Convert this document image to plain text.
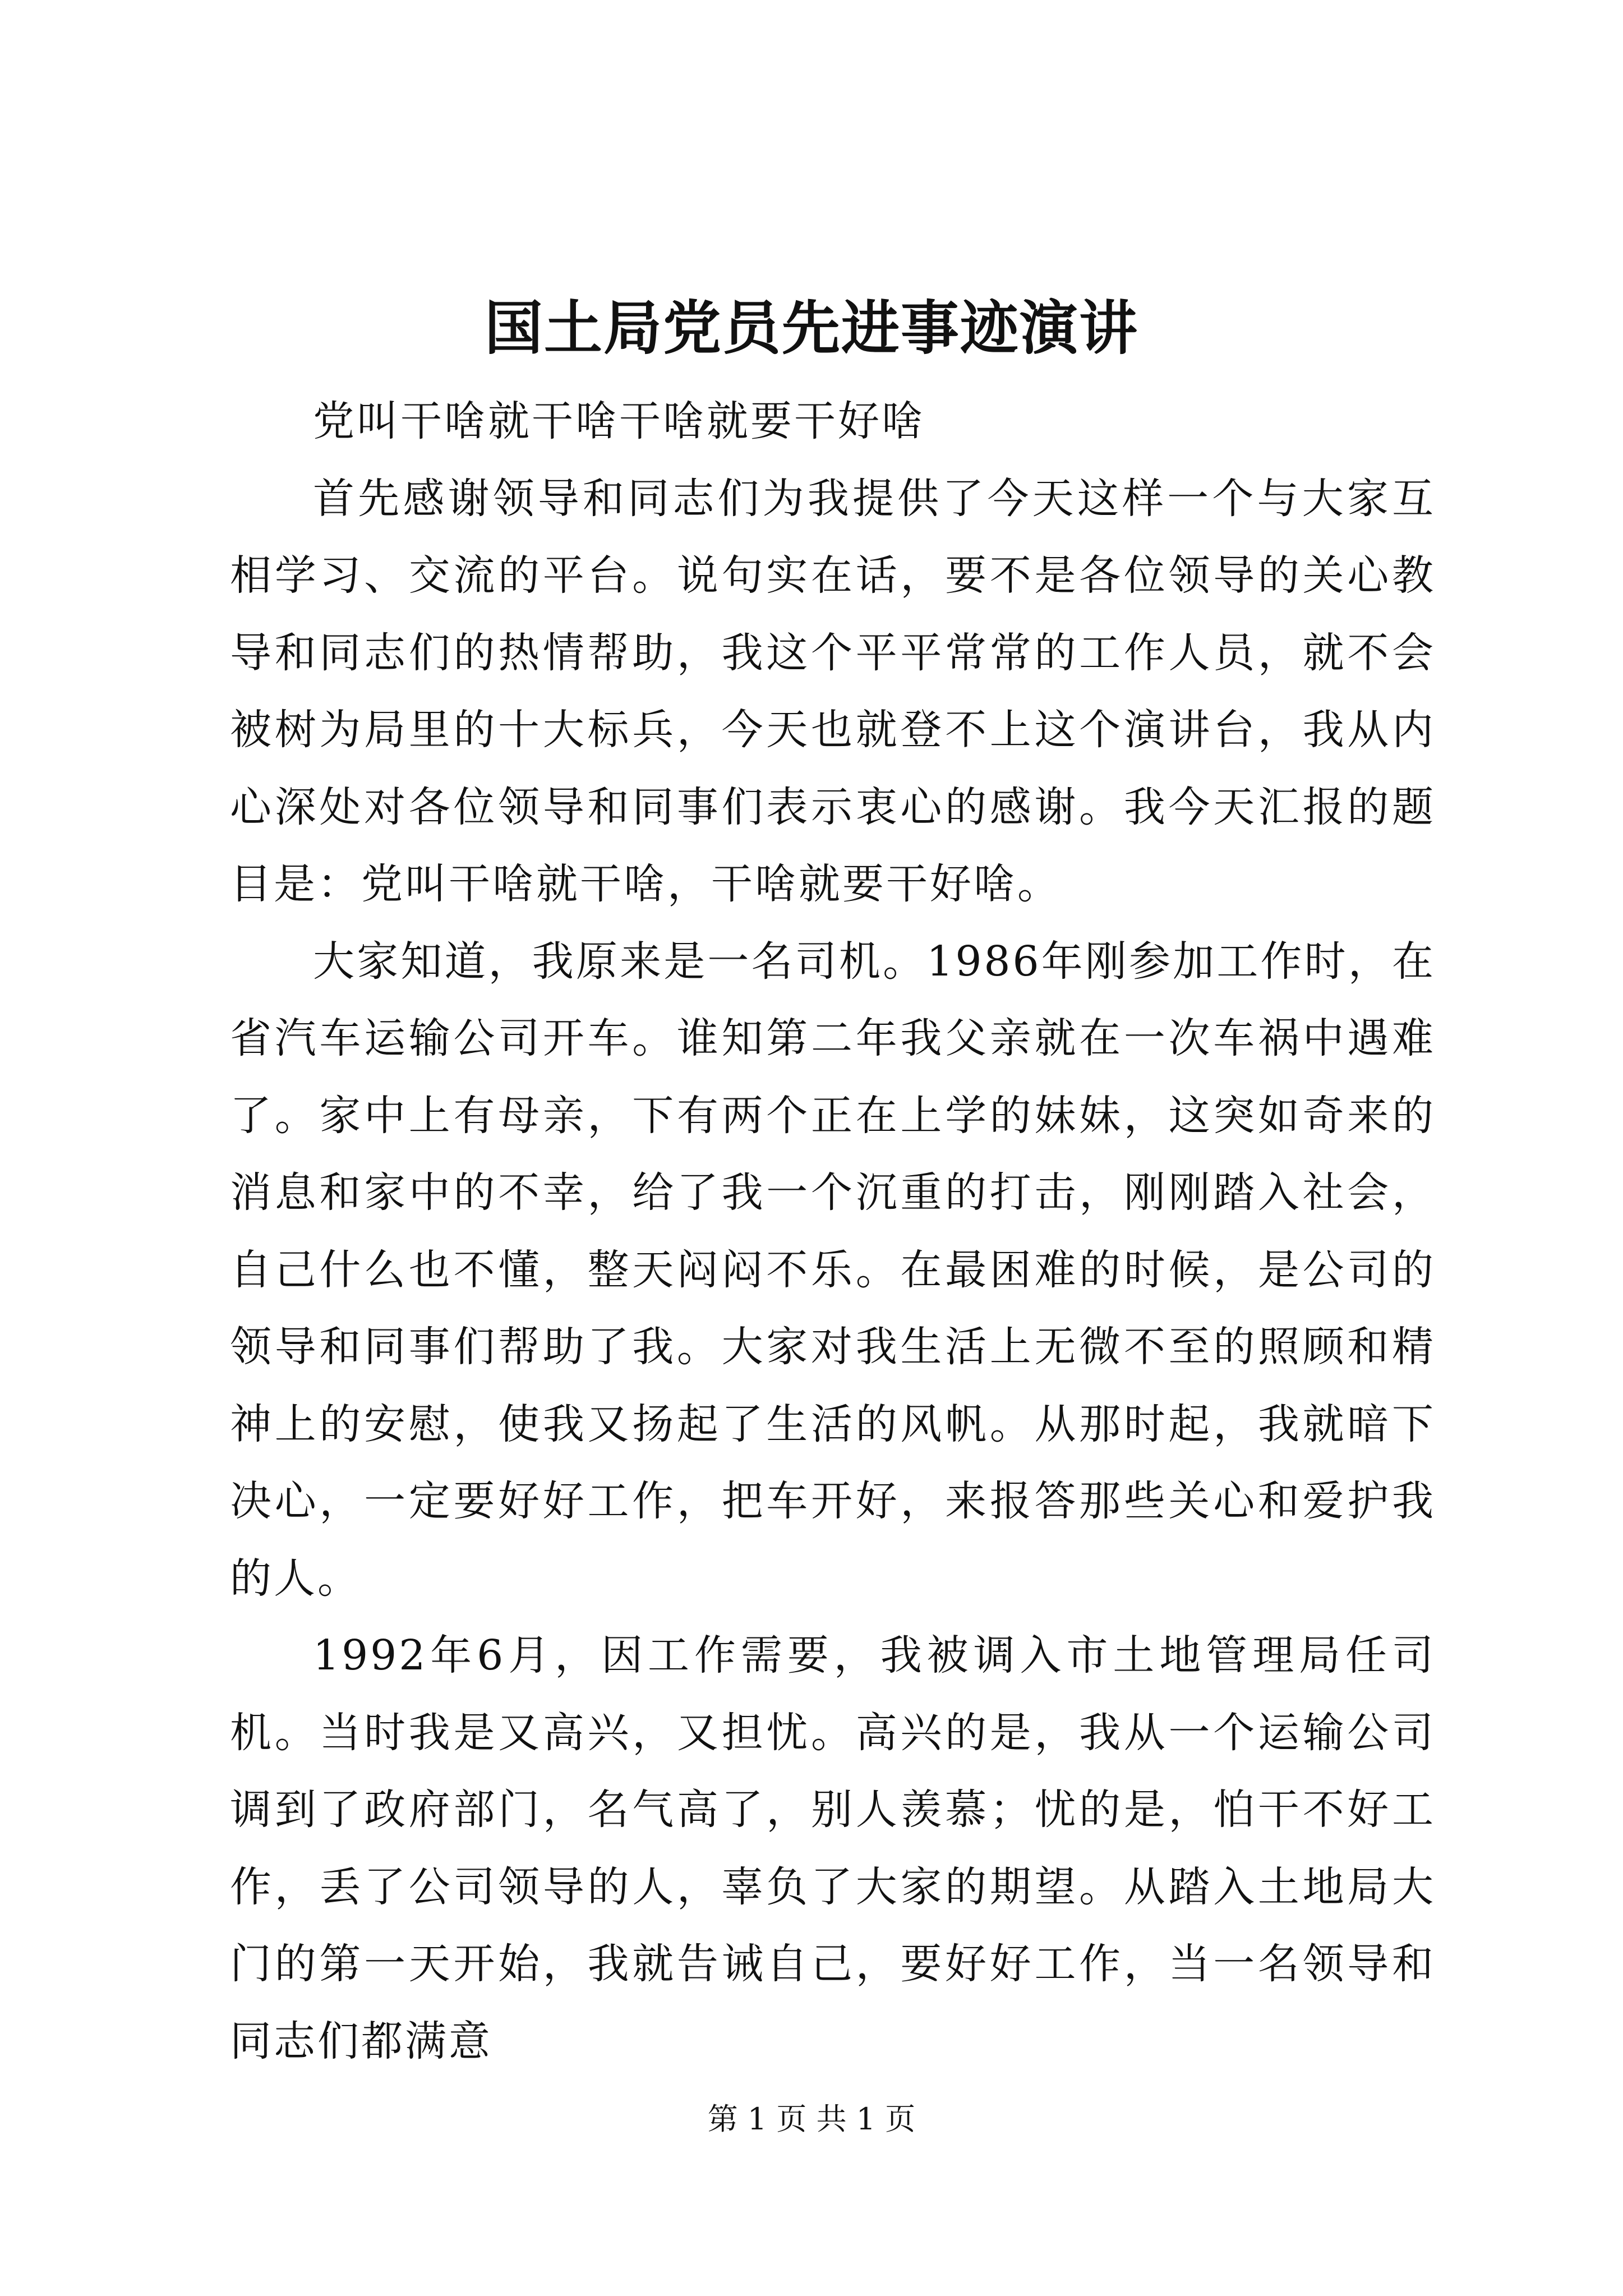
国土局党员先进事迹演讲

党叫干啥就干啥干啥就要干好啥

首先感谢领导和同志们为我提供了今天这样一个与大家互相学习、交流的平台。说句实在话，要不是各位领导的关心教导和同志们的热情帮助，我这个平平常常的工作人员，就不会被树为局里的十大标兵，今天也就登不上这个演讲台，我从内心深处对各位领导和同事们表示衷心的感谢。我今天汇报的题目是：党叫干啥就干啥，干啥就要干好啥。

大家知道，我原来是一名司机。1986年刚参加工作时，在省汽车运输公司开车。谁知第二年我父亲就在一次车祸中遇难了。家中上有母亲，下有两个正在上学的妹妹，这突如奇来的消息和家中的不幸，给了我一个沉重的打击，刚刚踏入社会，自己什么也不懂，整天闷闷不乐。在最困难的时候，是公司的领导和同事们帮助了我。大家对我生活上无微不至的照顾和精神上的安慰，使我又扬起了生活的风帆。从那时起，我就暗下决心，一定要好好工作，把车开好，来报答那些关心和爱护我的人。

1992年6月，因工作需要，我被调入市土地管理局任司机。当时我是又高兴，又担忧。高兴的是，我从一个运输公司调到了政府部门，名气高了，别人羡慕；忧的是，怕干不好工作，丢了公司领导的人，辜负了大家的期望。从踏入土地局大门的第一天开始，我就告诫自己，要好好工作，当一名领导和同志们都满意

第 1 页 共 1 页
